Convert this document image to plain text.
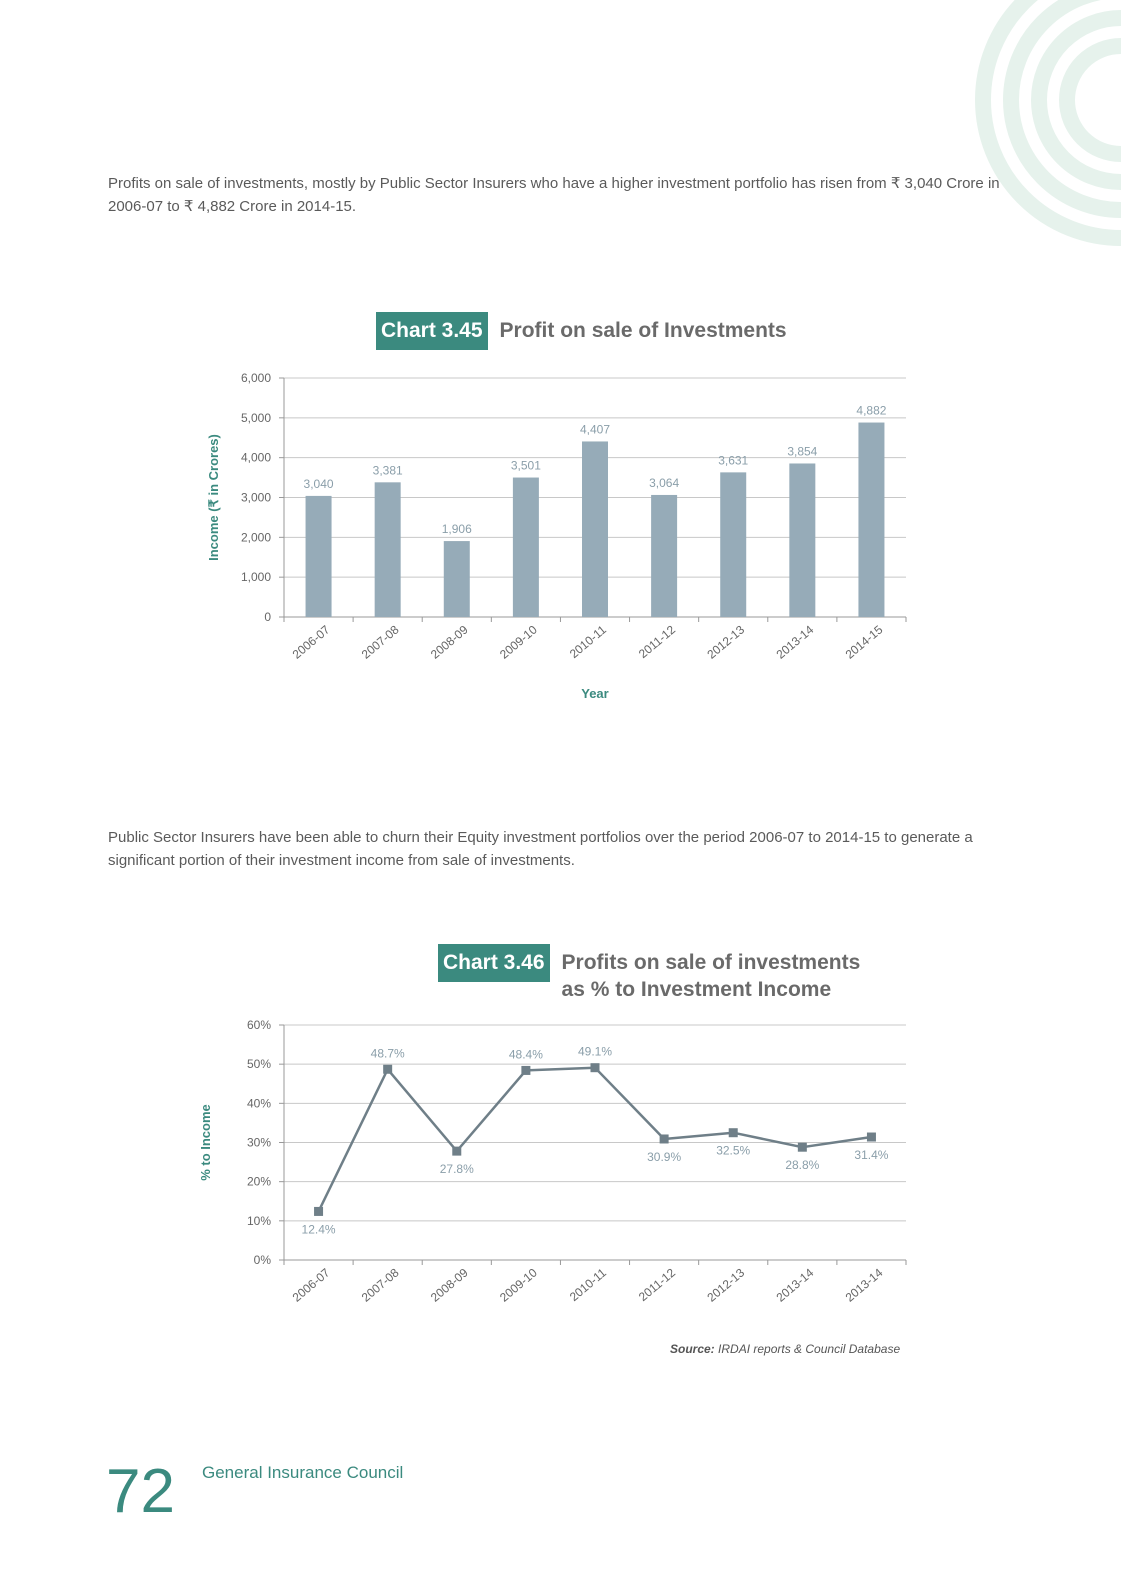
Profits on sale of investments, mostly by Public Sector Insurers who have a higher investment portfolio has risen from ₹ 3,040 Crore in 2006-07 to ₹ 4,882 Crore in 2014-15.
Chart 3.45 Profit on sale of Investments
0
1,000
2,000
3,000
4,000
5,000
6,000
2006-07 2007-08 2008-09 2009-10 2010-11 2011-12 2012-13 2013-14 2014-15
3,040
3,381
1,906
3,501
4,407
3,064
3,631
3,854
4,882
Year
Income (₹ in Crores)
Public Sector Insurers have been able to churn their Equity investment portfolios over the period 2006-07 to 2014-15 to generate a significant portion of their investment income from sale of investments.
Chart 3.46 Profits on sale of investments
as % to Investment Income
0%
10%
20%
30%
40%
50%
60%
2006-07 2007-08 2008-09 2009-10 2010-11 2011-12 2012-13 2013-14 2013-14
12.4%
48.7%
27.8%
48.4%	49.1%
30.9%	32.5%
28.8%
31.4%
% to Income
Source: IRDAI reports & Council Database
72 General Insurance Council
